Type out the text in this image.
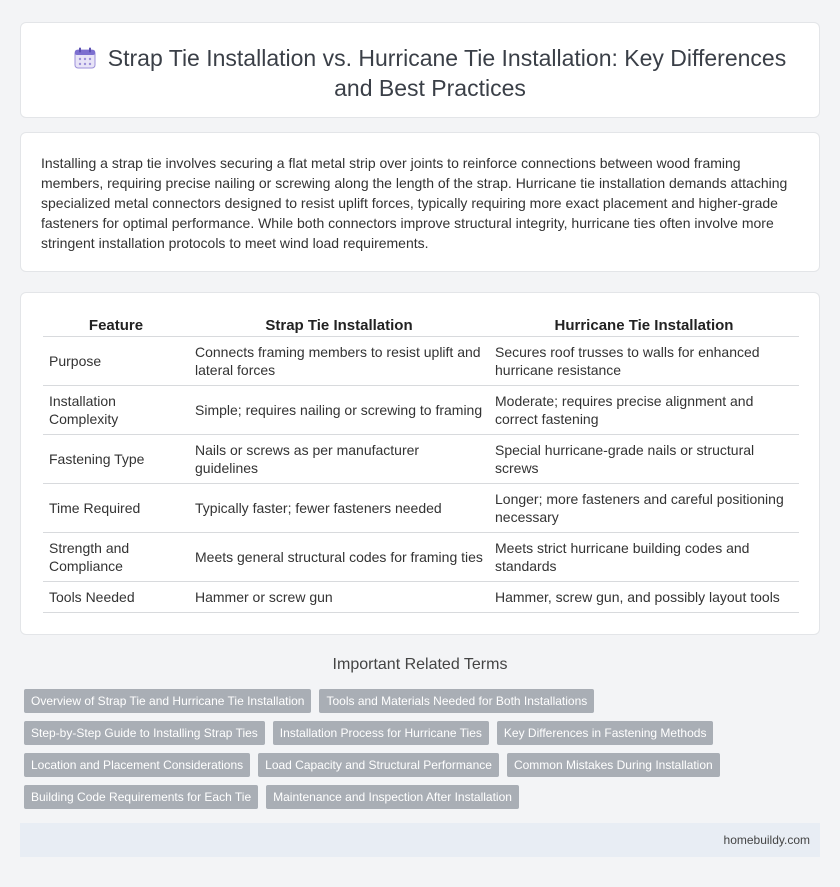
Strap Tie Installation vs. Hurricane Tie Installation: Key Differences and Best Practices

Installing a strap tie involves securing a flat metal strip over joints to reinforce connections between wood framing members, requiring precise nailing or screwing along the length of the strap. Hurricane tie installation demands attaching specialized metal connectors designed to resist uplift forces, typically requiring more exact placement and higher-grade fasteners for optimal performance. While both connectors improve structural integrity, hurricane ties often involve more stringent installation protocols to meet wind load requirements.

Feature	Strap Tie Installation	Hurricane Tie Installation
Purpose	Connects framing members to resist uplift and lateral forces	Secures roof trusses to walls for enhanced hurricane resistance
Installation Complexity	Simple; requires nailing or screwing to framing	Moderate; requires precise alignment and correct fastening
Fastening Type	Nails or screws as per manufacturer guidelines	Special hurricane-grade nails or structural screws
Time Required	Typically faster; fewer fasteners needed	Longer; more fasteners and careful positioning necessary
Strength and Compliance	Meets general structural codes for framing ties	Meets strict hurricane building codes and standards
Tools Needed	Hammer or screw gun	Hammer, screw gun, and possibly layout tools
Important Related Terms
Overview of Strap Tie and Hurricane Tie Installation	Tools and Materials Needed for Both Installations
Step-by-Step Guide to Installing Strap Ties	Installation Process for Hurricane Ties	Key Differences in Fastening Methods
Location and Placement Considerations	Load Capacity and Structural Performance	Common Mistakes During Installation
Building Code Requirements for Each Tie	Maintenance and Inspection After Installation
homebuildy.com
